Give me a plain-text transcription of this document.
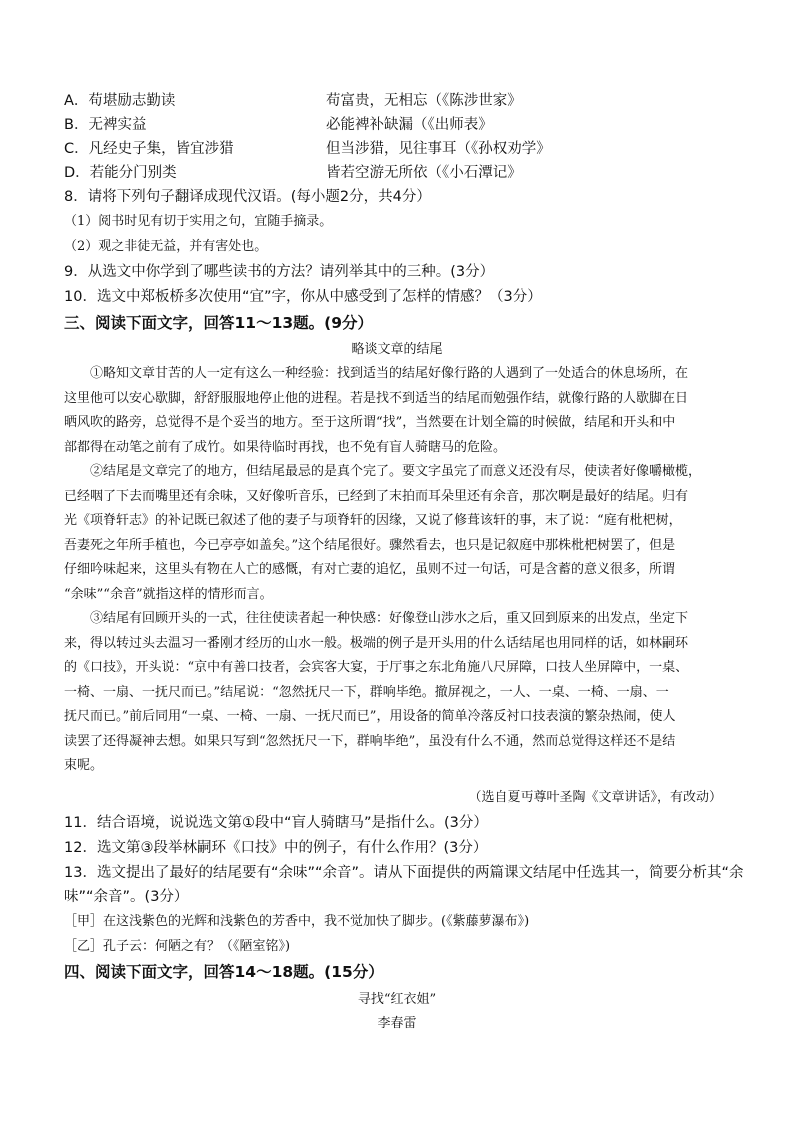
A．苟堪励志勤读	苟富贵，无相忘（《陈涉世家》
B．无裨实益	必能裨补缺漏（《出师表》
C．凡经史子集，皆宜涉猎	但当涉猎，见往事耳（《孙权劝学》
D．若能分门别类	皆若空游无所依（《小石潭记》
8．请将下列句子翻译成现代汉语。(每小题2分，共4分）
（1）阅书时见有切于实用之句，宜随手摘录。
（2）观之非徒无益，并有害处也。
9．从选文中你学到了哪些读书的方法？请列举其中的三种。(3分）
10．选文中郑板桥多次使用“宜”字，你从中感受到了怎样的情感？（3分）
三、阅读下面文字，回答11～13题。(9分）
略谈文章的结尾
①略知文章甘苦的人一定有这么一种经验：找到适当的结尾好像行路的人遇到了一处适合的休息场所，在
这里他可以安心歇脚，舒舒服服地停止他的进程。若是找不到适当的结尾而勉强作结，就像行路的人歇脚在日
晒风吹的路旁，总觉得不是个妥当的地方。至于这所谓“找”，当然要在计划全篇的时候做，结尾和开头和中
部都得在动笔之前有了成竹。如果待临时再找，也不免有盲人骑瞎马的危险。
②结尾是文章完了的地方，但结尾最忌的是真个完了。要文字虽完了而意义还没有尽，使读者好像嚼橄榄，
已经咽了下去而嘴里还有余味，又好像听音乐，已经到了末拍而耳朵里还有余音，那次啊是最好的结尾。归有
光《项脊轩志》的补记既已叙述了他的妻子与项脊轩的因缘，又说了修葺该轩的事，末了说：“庭有枇杷树，
吾妻死之年所手植也，今已亭亭如盖矣。”这个结尾很好。骤然看去，也只是记叙庭中那株枇杷树罢了，但是
仔细吟味起来，这里头有物在人亡的感慨，有对亡妻的追忆，虽则不过一句话，可是含蓄的意义很多，所谓
“余味”“余音”就指这样的情形而言。
③结尾有回顾开头的一式，往往使读者起一种快感：好像登山涉水之后，重又回到原来的出发点，坐定下
来，得以转过头去温习一番刚才经历的山水一般。极端的例子是开头用的什么话结尾也用同样的话，如林嗣环
的《口技》，开头说：“京中有善口技者，会宾客大宴，于厅事之东北角施八尺屏障，口技人坐屏障中，一桌、
一椅、一扇、一抚尺而已。”结尾说：“忽然抚尺一下，群响毕绝。撤屏视之，一人、一桌、一椅、一扇、一
抚尺而已。”前后同用“一桌、一椅、一扇、一抚尺而已”，用设备的简单冷落反衬口技表演的繁杂热闹，使人
读罢了还得凝神去想。如果只写到“忽然抚尺一下，群响毕绝”，虽没有什么不通，然而总觉得这样还不是结
束呢。
（选自夏丏尊叶圣陶《文章讲话》，有改动）
11．结合语境，说说选文第①段中“盲人骑瞎马”是指什么。(3分）
12．选文第③段举林嗣环《口技》中的例子，有什么作用？(3分）
13．选文提出了最好的结尾要有“余味”“余音”。请从下面提供的两篇课文结尾中任选其一，简要分析其“余
味”“余音”。(3分）
［甲］在这浅紫色的光辉和浅紫色的芳香中，我不觉加快了脚步。(《紫藤萝瀑布》)
［乙］孔子云：何陋之有？（《陋室铭》)
四、阅读下面文字，回答14～18题。(15分）
寻找“红衣姐”
李春雷
